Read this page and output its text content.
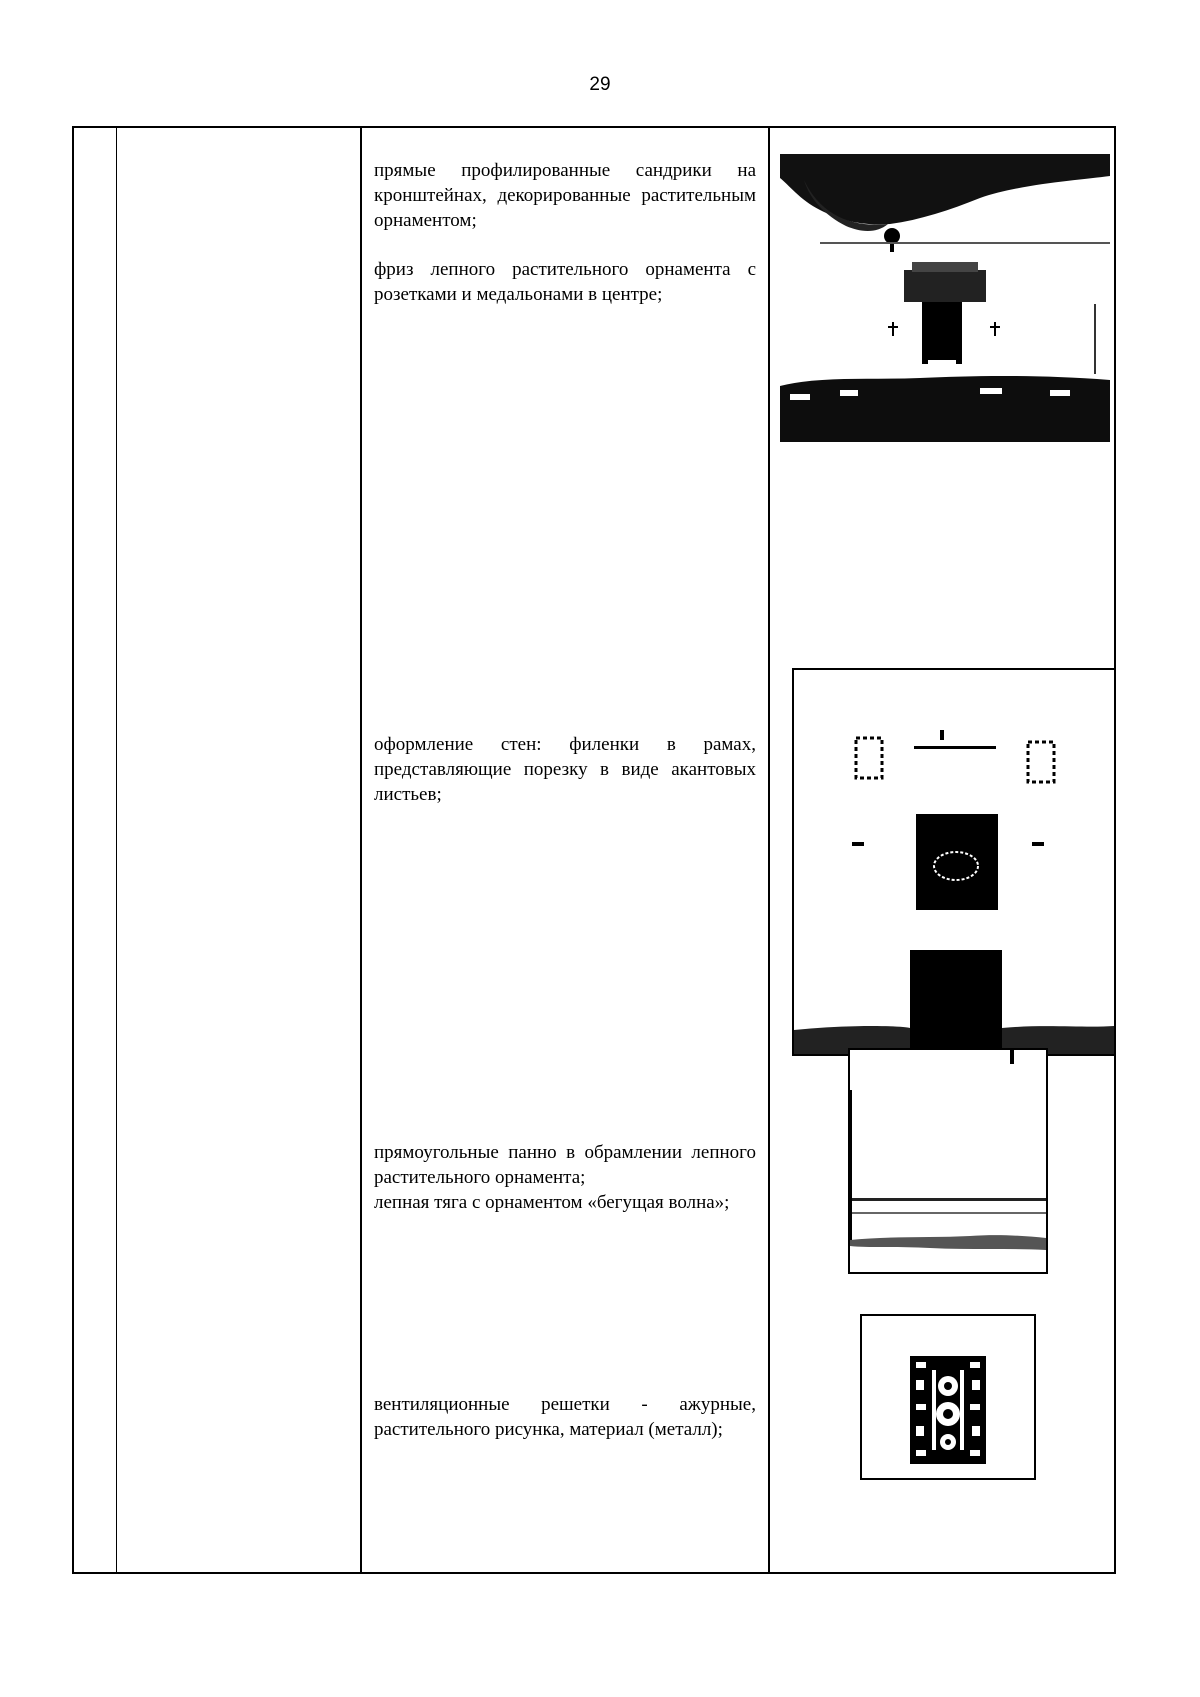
29

прямые профилированные сандрики на кронштейнах, декорированные растительным орнаментом;

фриз лепного растительного орнамента с розетками и медальонами в центре;

оформление стен: филенки в рамах, представляющие порезку в виде акантовых листьев;

прямоугольные панно в обрамлении лепного растительного орнамента;

лепная тяга с орнаментом «бегущая волна»;

вентиляционные решетки - ажурные, растительного рисунка, материал (металл);
